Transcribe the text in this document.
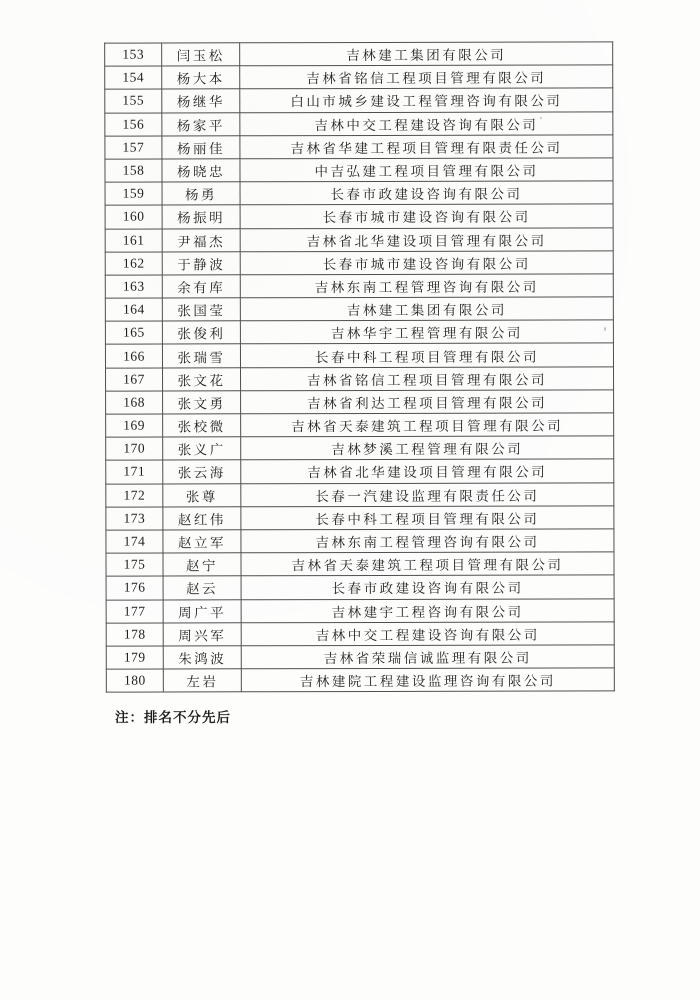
153	闫玉松	吉林建工集团有限公司
154	杨大本	吉林省铭信工程项目管理有限公司
155	杨继华	白山市城乡建设工程管理咨询有限公司
156	杨家平	吉林中交工程建设咨询有限公司
157	杨丽佳	吉林省华建工程项目管理有限责任公司
158	杨晓忠	中吉弘建工程项目管理有限公司
159	杨勇	长春市政建设咨询有限公司
160	杨振明	长春市城市建设咨询有限公司
161	尹福杰	吉林省北华建设项目管理有限公司
162	于静波	长春市城市建设咨询有限公司
163	余有库	吉林东南工程管理咨询有限公司
164	张国莹	吉林建工集团有限公司
165	张俊利	吉林华宇工程管理有限公司
166	张瑞雪	长春中科工程项目管理有限公司
167	张文花	吉林省铭信工程项目管理有限公司
168	张文勇	吉林省利达工程项目管理有限公司
169	张校微	吉林省天泰建筑工程项目管理有限公司
170	张义广	吉林梦溪工程管理有限公司
171	张云海	吉林省北华建设项目管理有限公司
172	张尊	长春一汽建设监理有限责任公司
173	赵红伟	长春中科工程项目管理有限公司
174	赵立军	吉林东南工程管理咨询有限公司
175	赵宁	吉林省天泰建筑工程项目管理有限公司
176	赵云	长春市政建设咨询有限公司
177	周广平	吉林建宇工程咨询有限公司
178	周兴军	吉林中交工程建设咨询有限公司
179	朱鸿波	吉林省荣瑞信诚监理有限公司
180	左岩	吉林建院工程建设监理咨询有限公司

注：排名不分先后
